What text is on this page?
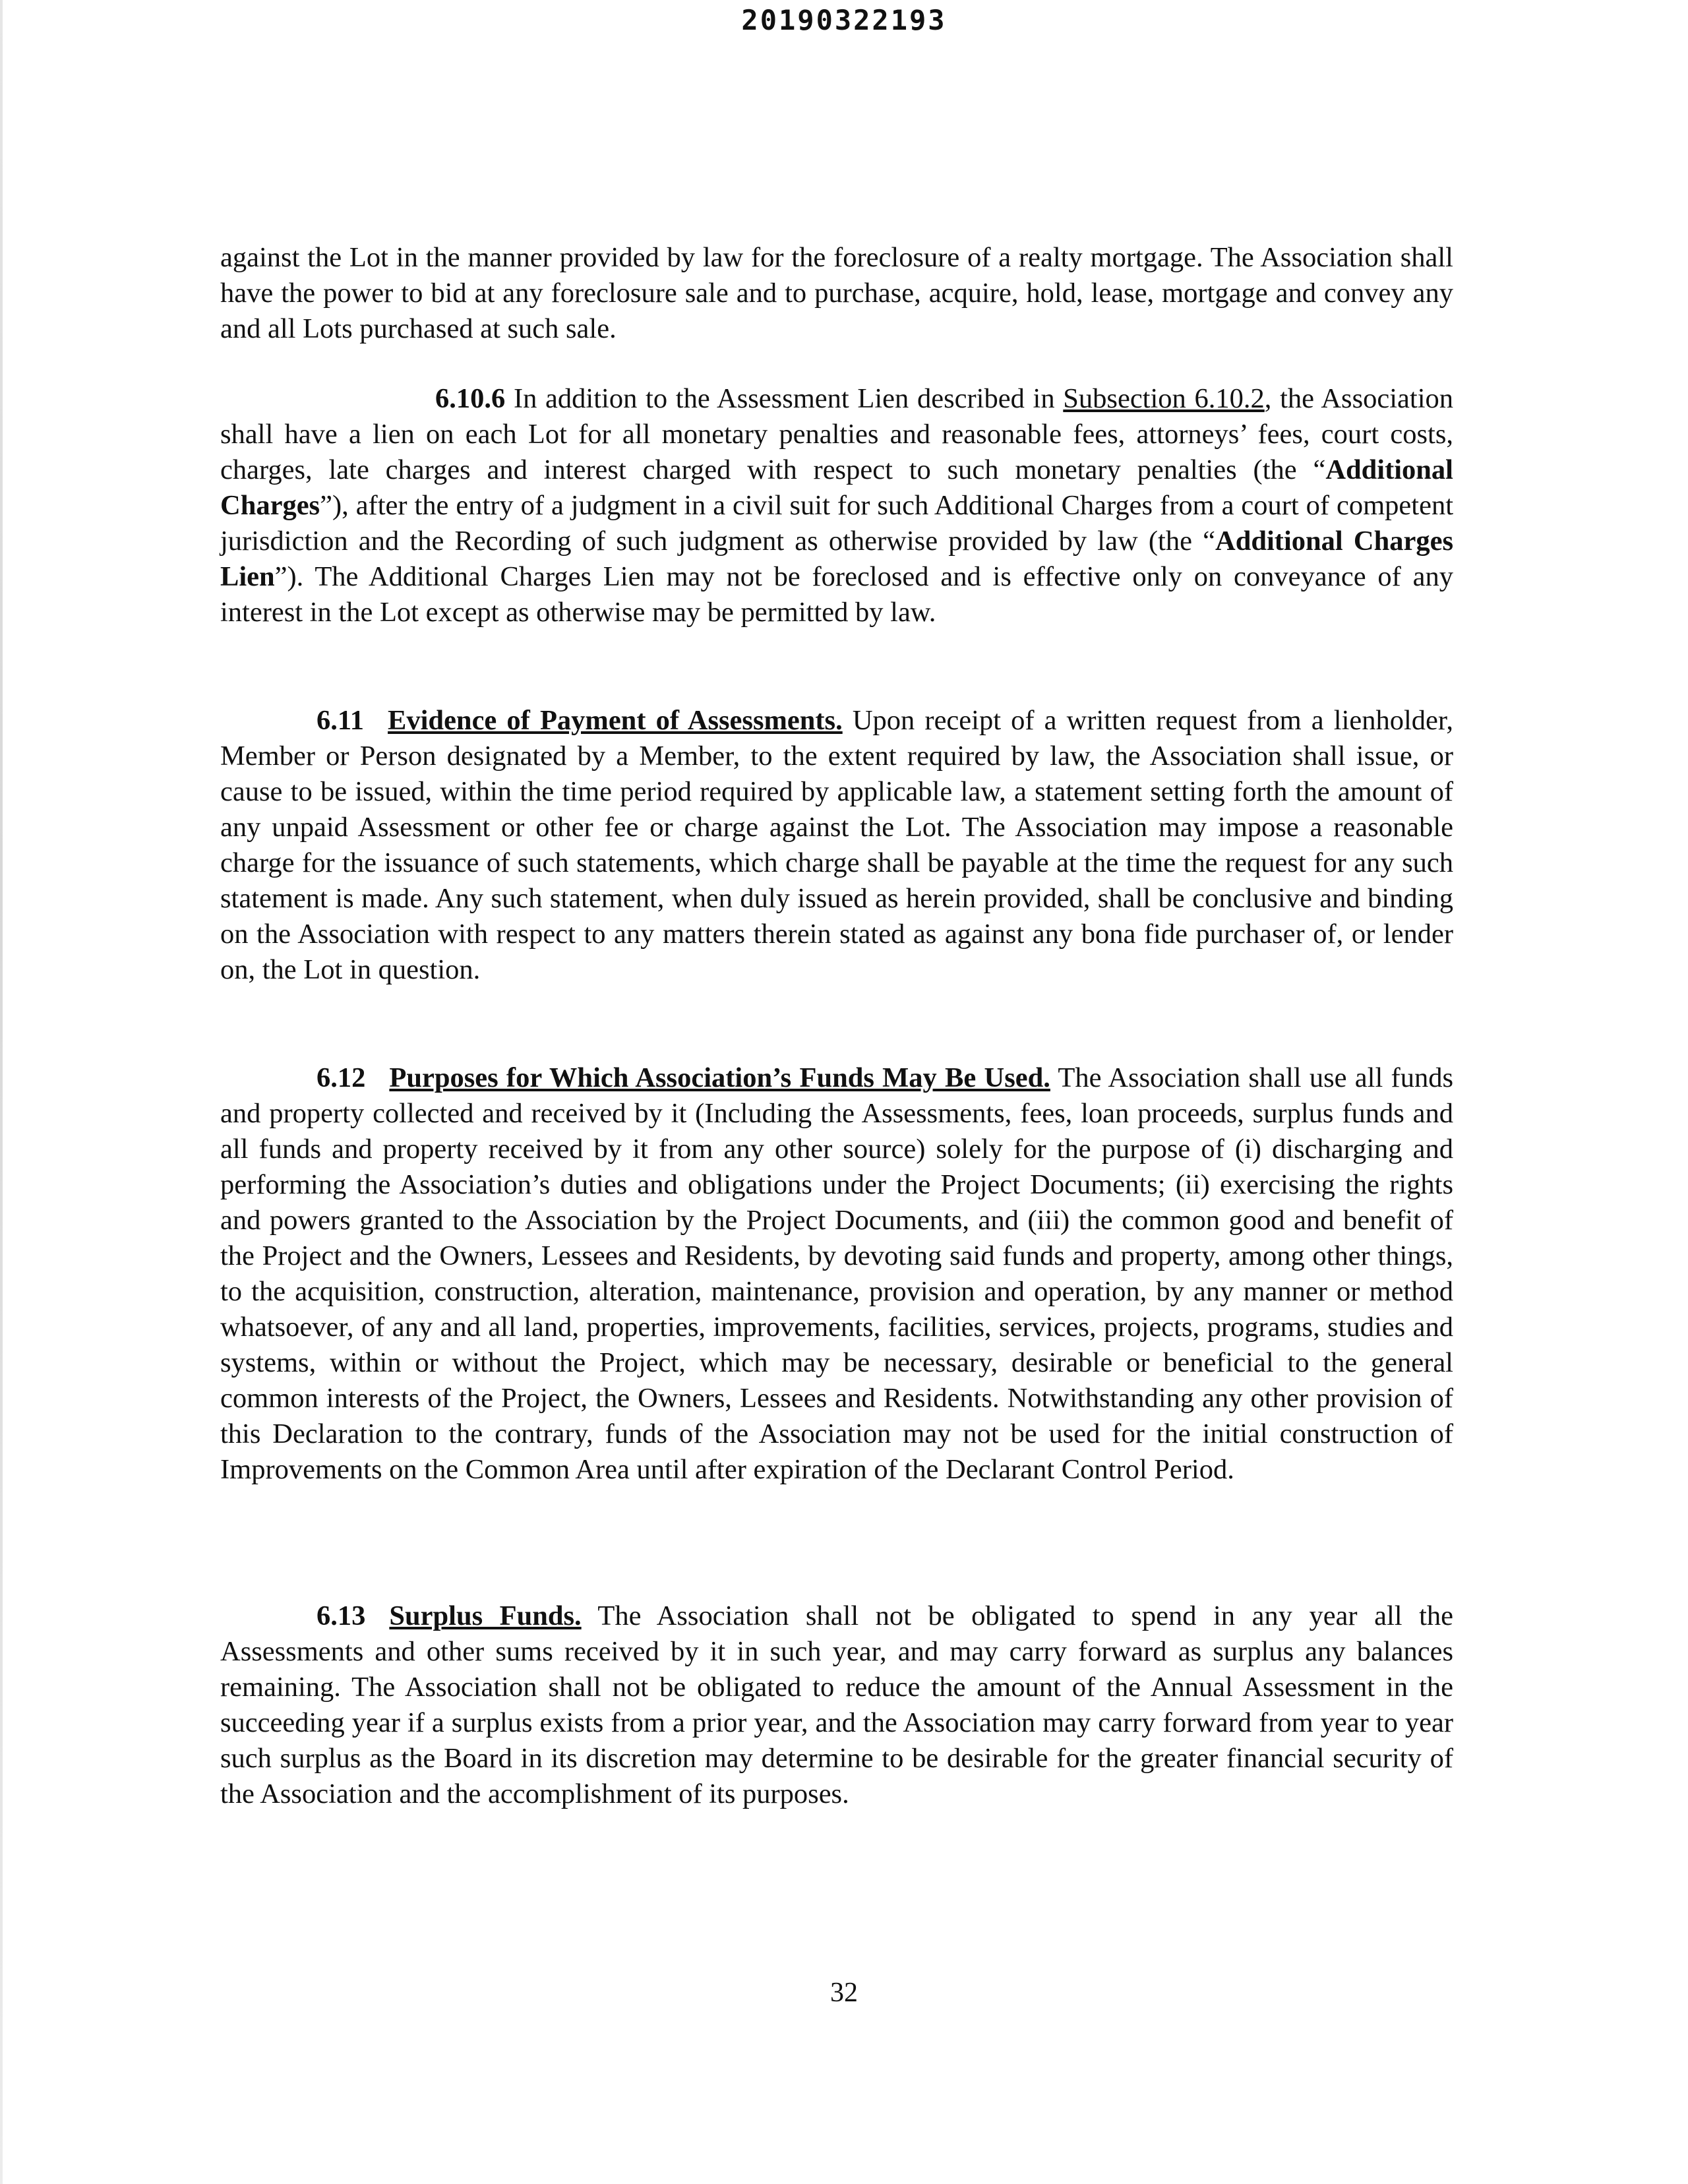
20190322193

against the Lot in the manner provided by law for the foreclosure of a realty mortgage. The Association shall have the power to bid at any foreclosure sale and to purchase, acquire, hold, lease, mortgage and convey any and all Lots purchased at such sale.

6.10.6 In addition to the Assessment Lien described in Subsection 6.10.2, the Association shall have a lien on each Lot for all monetary penalties and reasonable fees, attorneys’ fees, court costs, charges, late charges and interest charged with respect to such monetary penalties (the “Additional Charges”), after the entry of a judgment in a civil suit for such Additional Charges from a court of competent jurisdiction and the Recording of such judgment as otherwise provided by law (the “Additional Charges Lien”). The Additional Charges Lien may not be foreclosed and is effective only on conveyance of any interest in the Lot except as otherwise may be permitted by law.

6.11 Evidence of Payment of Assessments. Upon receipt of a written request from a lienholder, Member or Person designated by a Member, to the extent required by law, the Association shall issue, or cause to be issued, within the time period required by applicable law, a statement setting forth the amount of any unpaid Assessment or other fee or charge against the Lot. The Association may impose a reasonable charge for the issuance of such statements, which charge shall be payable at the time the request for any such statement is made. Any such statement, when duly issued as herein provided, shall be conclusive and binding on the Association with respect to any matters therein stated as against any bona fide purchaser of, or lender on, the Lot in question.

6.12 Purposes for Which Association’s Funds May Be Used. The Association shall use all funds and property collected and received by it (Including the Assessments, fees, loan proceeds, surplus funds and all funds and property received by it from any other source) solely for the purpose of (i) discharging and performing the Association’s duties and obligations under the Project Documents; (ii) exercising the rights and powers granted to the Association by the Project Documents, and (iii) the common good and benefit of the Project and the Owners, Lessees and Residents, by devoting said funds and property, among other things, to the acquisition, construction, alteration, maintenance, provision and operation, by any manner or method whatsoever, of any and all land, properties, improvements, facilities, services, projects, programs, studies and systems, within or without the Project, which may be necessary, desirable or beneficial to the general common interests of the Project, the Owners, Lessees and Residents. Notwithstanding any other provision of this Declaration to the contrary, funds of the Association may not be used for the initial construction of Improvements on the Common Area until after expiration of the Declarant Control Period.

6.13 Surplus Funds. The Association shall not be obligated to spend in any year all the Assessments and other sums received by it in such year, and may carry forward as surplus any balances remaining. The Association shall not be obligated to reduce the amount of the Annual Assessment in the succeeding year if a surplus exists from a prior year, and the Association may carry forward from year to year such surplus as the Board in its discretion may determine to be desirable for the greater financial security of the Association and the accomplishment of its purposes.

32
